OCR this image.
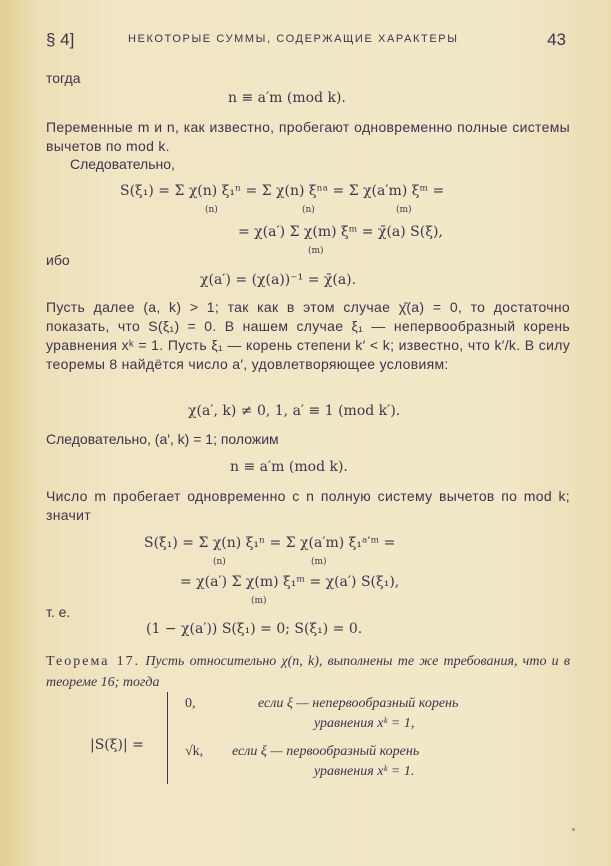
§ 4]	НЕКОТОРЫЕ СУММЫ, СОДЕРЖАЩИЕ ХАРАКТЕРЫ	43
тогда
n ≡ a′m (mod k).
Переменные m и n, как известно, пробегают одновременно полные системы вычетов по mod k.
Следовательно,
S(ξ₁) = Σ χ(n) ξ₁ⁿ = Σ χ(n) ξⁿᵃ = Σ χ(a′m) ξᵐ =
(n)	(n)	(m)
= χ(a′) Σ χ(m) ξᵐ = χ̄(a) S(ξ),
(m)
ибо
χ(a′) = (χ(a))⁻¹ = χ̄(a).
Пусть далее (a, k) > 1; так как в этом случае χ̄(a) = 0, то достаточно показать, что S(ξ₁) = 0. В нашем случае ξ₁ — непервообразный корень уравнения xᵏ = 1. Пусть ξ₁ — корень степени k′ < k; известно, что k′/k. В силу теоремы 8 найдётся число a′, удовлетворяющее условиям:
χ(a′, k) ≠ 0, 1, a′ ≡ 1 (mod k′).
Следовательно, (a′, k) = 1; положим
n ≡ a′m (mod k).
Число m пробегает одновременно с n полную систему вычетов по mod k; значит
S(ξ₁) = Σ χ(n) ξ₁ⁿ = Σ χ(a′m) ξ₁ᵃ′ᵐ =
(n)	(m)
= χ(a′) Σ χ(m) ξ₁ᵐ = χ(a′) S(ξ₁),
(m)
т. е.
(1 − χ(a′)) S(ξ₁) = 0; S(ξ₁) = 0.
Теорема 17. Пусть относительно χ(n, k), выполнены те же требования, что и в теореме 16; тогда
|S(ξ)| =
0,	если ξ — непервообразный корень
уравнения xᵏ = 1,
√k, если ξ — первообразный корень
уравнения xᵏ = 1.
